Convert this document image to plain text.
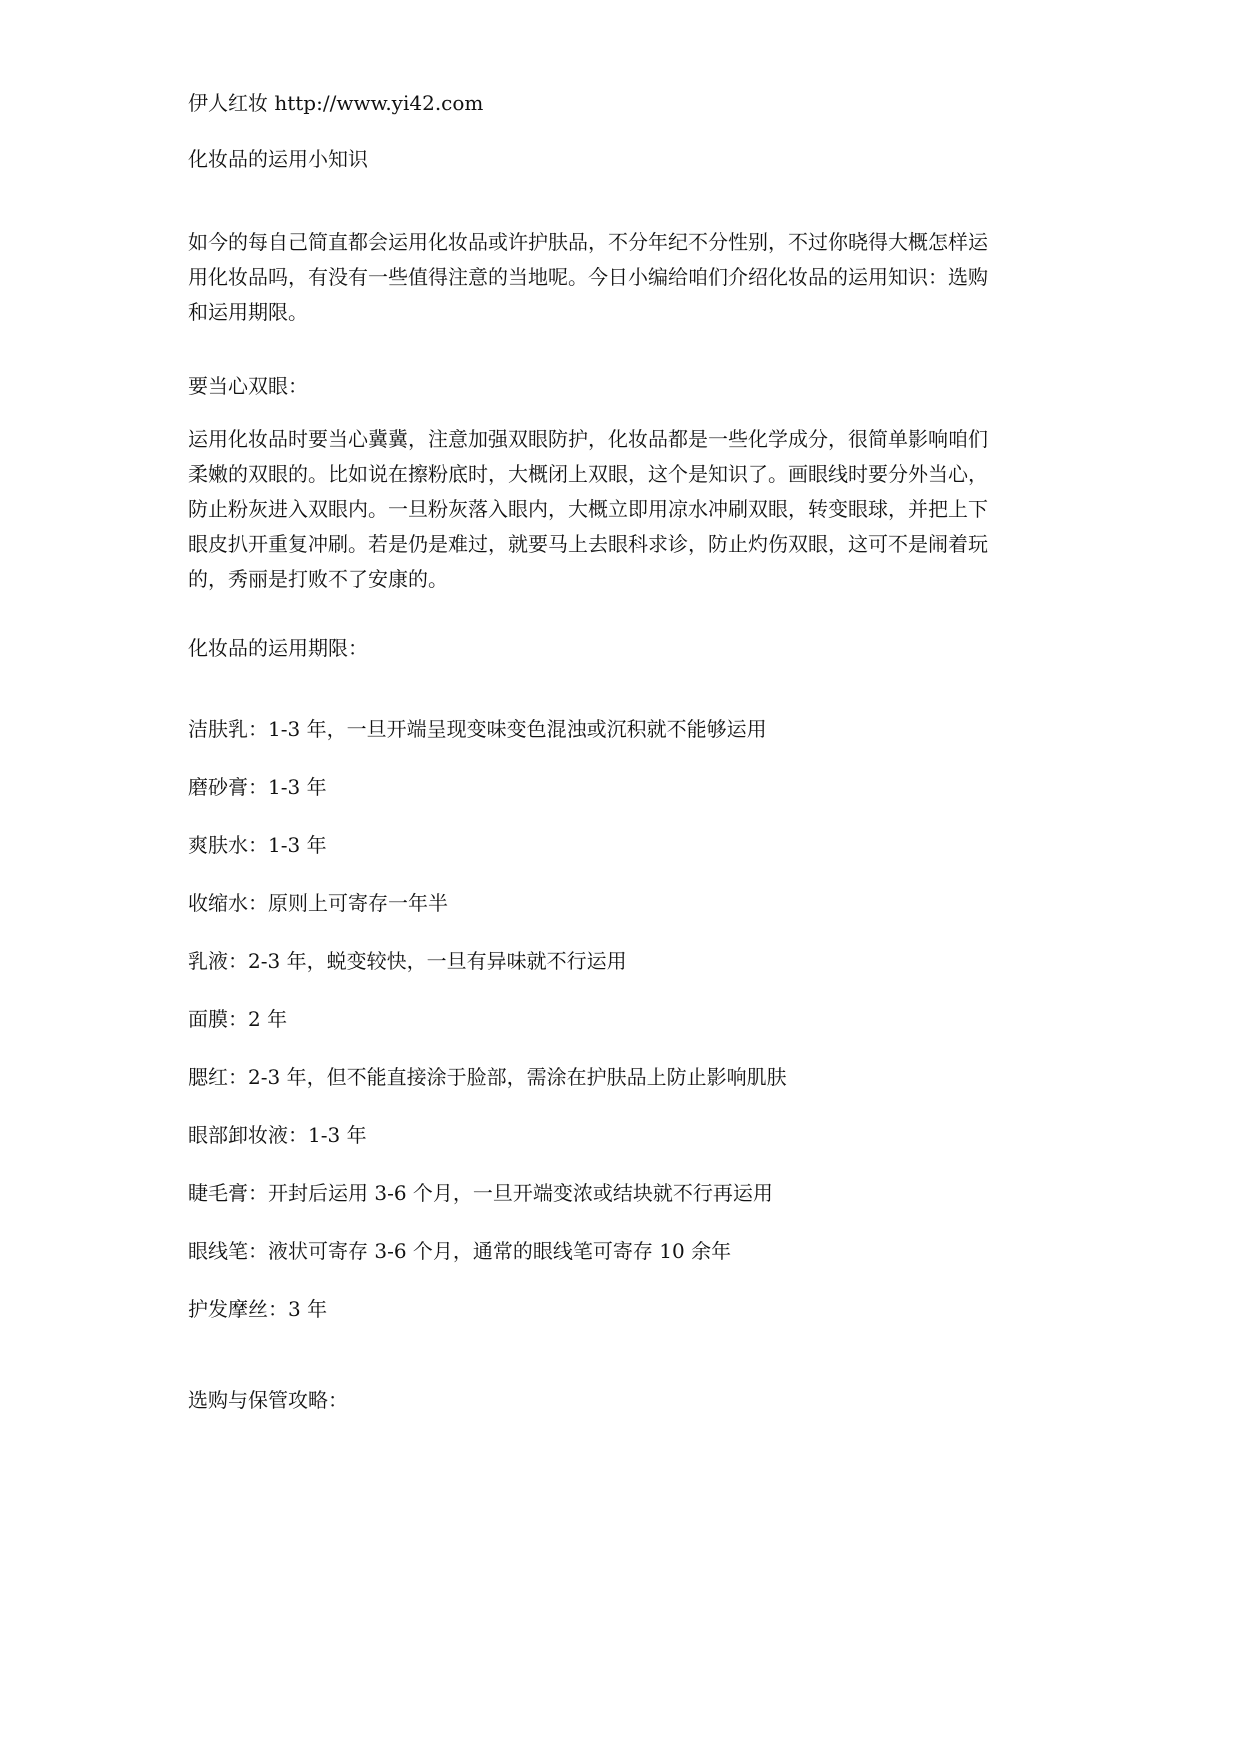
伊人红妆 http://www.yi42.com

化妆品的运用小知识

如今的每自己简直都会运用化妆品或许护肤品，不分年纪不分性别，不过你晓得大概怎样运
用化妆品吗，有没有一些值得注意的当地呢。今日小编给咱们介绍化妆品的运用知识：选购
和运用期限。

要当心双眼：

运用化妆品时要当心冀冀，注意加强双眼防护，化妆品都是一些化学成分，很简单影响咱们
柔嫩的双眼的。比如说在擦粉底时，大概闭上双眼，这个是知识了。画眼线时要分外当心，
防止粉灰进入双眼内。一旦粉灰落入眼内，大概立即用凉水冲刷双眼，转变眼球，并把上下
眼皮扒开重复冲刷。若是仍是难过，就要马上去眼科求诊，防止灼伤双眼，这可不是闹着玩
的，秀丽是打败不了安康的。

化妆品的运用期限：

洁肤乳：1-3 年，一旦开端呈现变味变色混浊或沉积就不能够运用

磨砂膏：1-3 年

爽肤水：1-3 年

收缩水：原则上可寄存一年半

乳液：2-3 年，蜕变较快，一旦有异味就不行运用

面膜：2 年

腮红：2-3 年，但不能直接涂于脸部，需涂在护肤品上防止影响肌肤

眼部卸妆液：1-3 年

睫毛膏：开封后运用 3-6 个月，一旦开端变浓或结块就不行再运用

眼线笔：液状可寄存 3-6 个月，通常的眼线笔可寄存 10 余年

护发摩丝：3 年

选购与保管攻略：
